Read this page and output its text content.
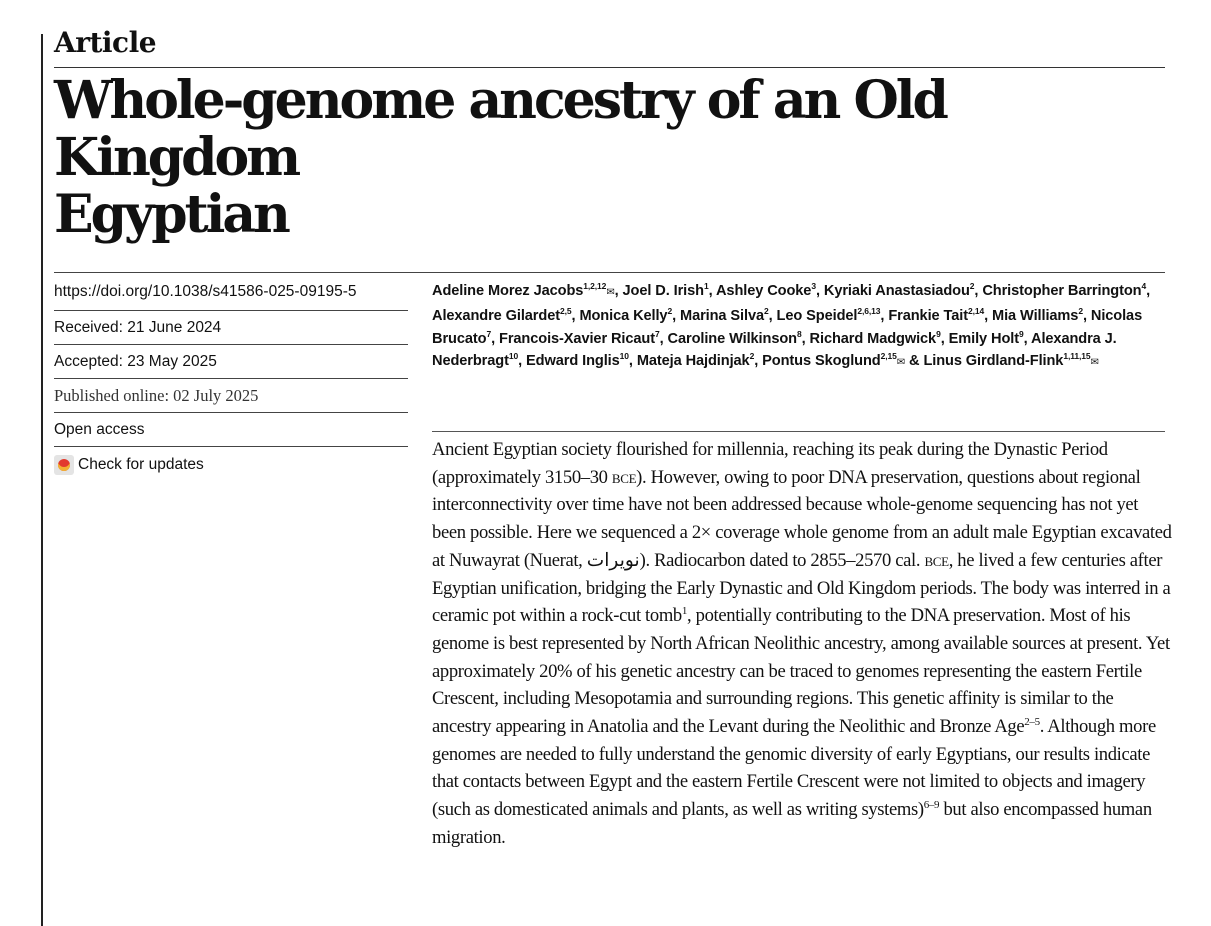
Article
Whole-genome ancestry of an Old Kingdom
Egyptian
https://doi.org/10.1038/s41586-025-09195-5
Received: 21 June 2024
Accepted: 23 May 2025
Published online: 02 July 2025
Open access
Check for updates
Adeline Morez Jacobs$^{1,2,12}$✉, Joel D. Irish$^1$, Ashley Cooke$^3$, Kyriaki Anastasiadou$^2$, Christopher Barrington$^4$, Alexandre Gilardet$^{2,5}$, Monica Kelly$^2$, Marina Silva$^2$, Leo Speidel$^{2,6,13}$, Frankie Tait$^{2,14}$, Mia Williams$^2$, Nicolas Brucato$^7$, Francois-Xavier Ricaut$^7$, Caroline Wilkinson$^8$, Richard Madgwick$^9$, Emily Holt$^9$, Alexandra J. Nederbragt$^{10}$, Edward Inglis$^{10}$, Mateja Hajdinjak$^2$, Pontus Skoglund$^{2,15}$✉ & Linus Girdland-Flink$^{1,11,15}$✉

Ancient Egyptian society flourished for millennia, reaching its peak during the Dynastic Period (approximately 3150–30 bce). However, owing to poor DNA preservation, questions about regional interconnectivity over time have not been addressed because whole-genome sequencing has not yet been possible. Here we sequenced a 2× coverage whole genome from an adult male Egyptian excavated at Nuwayrat (Nuerat, نويرات). Radiocarbon dated to 2855–2570 cal. bce, he lived a few centuries after Egyptian unification, bridging the Early Dynastic and Old Kingdom periods. The body was interred in a ceramic pot within a rock-cut tomb$^1$, potentially contributing to the DNA preservation. Most of his genome is best represented by North African Neolithic ancestry, among available sources at present. Yet approximately 20% of his genetic ancestry can be traced to genomes representing the eastern Fertile Crescent, including Mesopotamia and surrounding regions. This genetic affinity is similar to the ancestry appearing in Anatolia and the Levant during the Neolithic and Bronze Age$^{2-5}$. Although more genomes are needed to fully understand the genomic diversity of early Egyptians, our results indicate that contacts between Egypt and the eastern Fertile Crescent were not limited to objects and imagery (such as domesticated animals and plants, as well as writing systems)$^{6-9}$ but also encompassed human migration.
